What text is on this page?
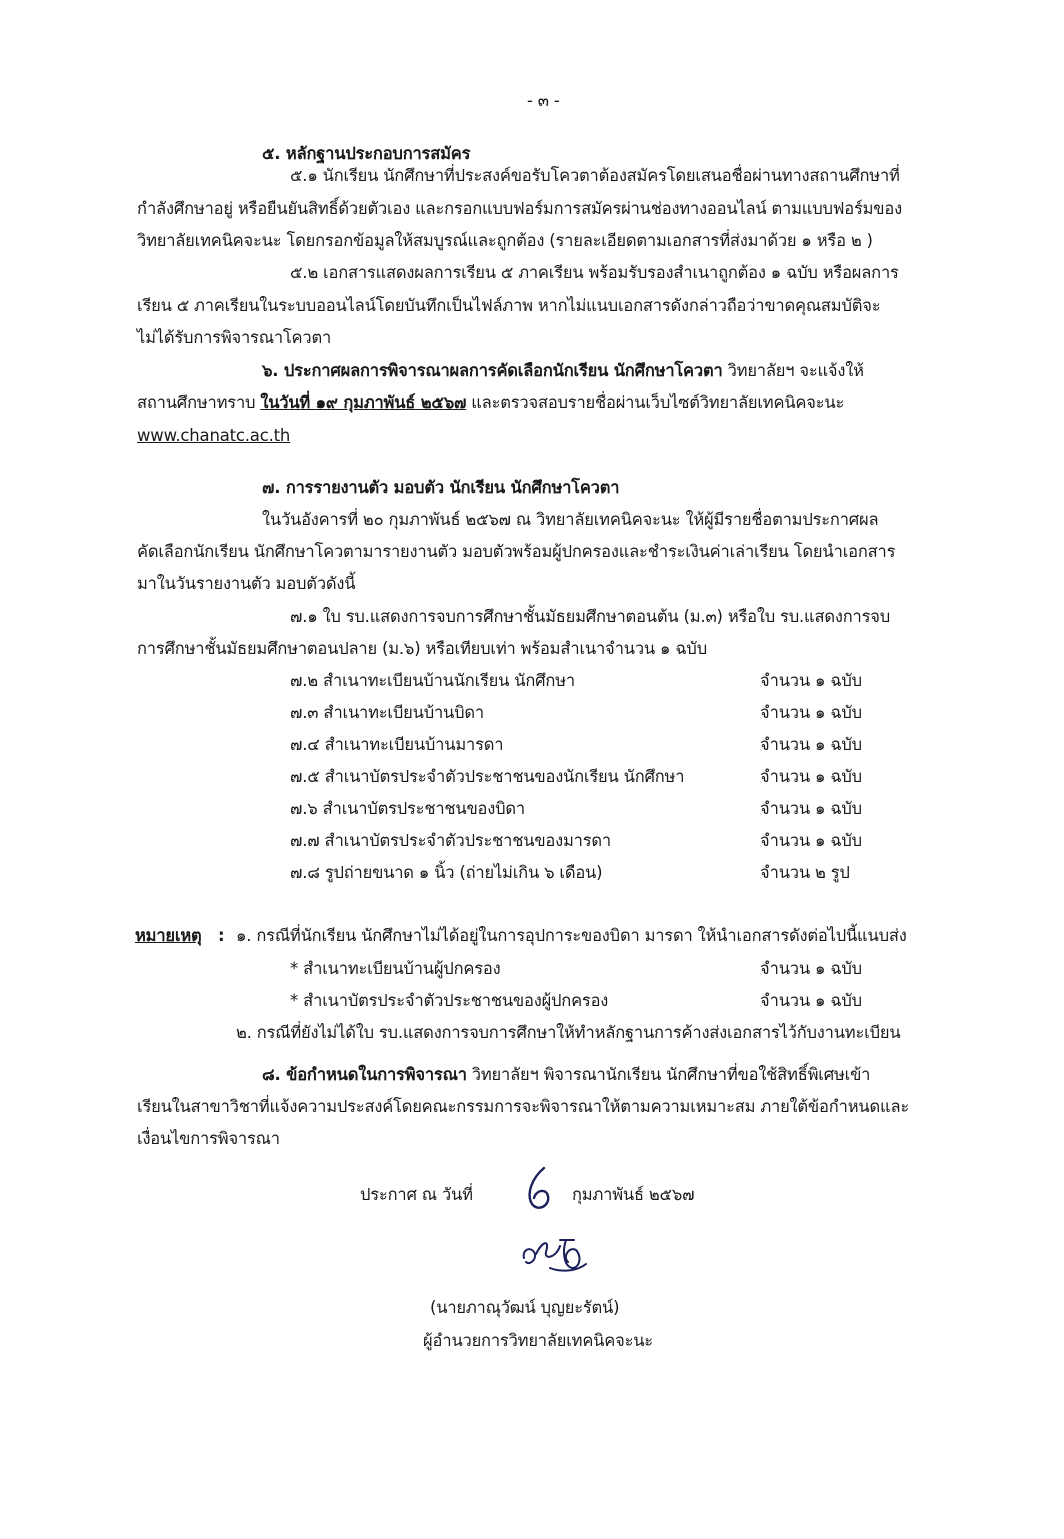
- ๓ -
๕. หลักฐานประกอบการสมัคร
๕.๑ นักเรียน นักศึกษาที่ประสงค์ขอรับโควตาต้องสมัครโดยเสนอชื่อผ่านทางสถานศึกษาที่
กำลังศึกษาอยู่ หรือยืนยันสิทธิ์ด้วยตัวเอง และกรอกแบบฟอร์มการสมัครผ่านช่องทางออนไลน์ ตามแบบฟอร์มของ
วิทยาลัยเทคนิคจะนะ โดยกรอกข้อมูลให้สมบูรณ์และถูกต้อง (รายละเอียดตามเอกสารที่ส่งมาด้วย ๑ หรือ ๒ )
๕.๒ เอกสารแสดงผลการเรียน ๕ ภาคเรียน พร้อมรับรองสำเนาถูกต้อง ๑ ฉบับ หรือผลการ
เรียน ๕ ภาคเรียนในระบบออนไลน์โดยบันทึกเป็นไฟล์ภาพ หากไม่แนบเอกสารดังกล่าวถือว่าขาดคุณสมบัติจะ
ไม่ได้รับการพิจารณาโควตา
๖. ประกาศผลการพิจารณาผลการคัดเลือกนักเรียน นักศึกษาโควตา วิทยาลัยฯ จะแจ้งให้
สถานศึกษาทราบ ในวันที่ ๑๙ กุมภาพันธ์ ๒๕๖๗ และตรวจสอบรายชื่อผ่านเว็บไซต์วิทยาลัยเทคนิคจะนะ
www.chanatc.ac.th
๗. การรายงานตัว มอบตัว นักเรียน นักศึกษาโควตา
ในวันอังคารที่ ๒๐ กุมภาพันธ์ ๒๕๖๗ ณ วิทยาลัยเทคนิคจะนะ ให้ผู้มีรายชื่อตามประกาศผล
คัดเลือกนักเรียน นักศึกษาโควตามารายงานตัว มอบตัวพร้อมผู้ปกครองและชำระเงินค่าเล่าเรียน โดยนำเอกสาร
มาในวันรายงานตัว มอบตัวดังนี้
๗.๑ ใบ รบ.แสดงการจบการศึกษาชั้นมัธยมศึกษาตอนต้น (ม.๓) หรือใบ รบ.แสดงการจบ
การศึกษาชั้นมัธยมศึกษาตอนปลาย (ม.๖) หรือเทียบเท่า พร้อมสำเนาจำนวน ๑ ฉบับ
๗.๒ สำเนาทะเบียนบ้านนักเรียน นักศึกษา	จำนวน ๑ ฉบับ
๗.๓ สำเนาทะเบียนบ้านบิดา	จำนวน ๑ ฉบับ
๗.๔ สำเนาทะเบียนบ้านมารดา	จำนวน ๑ ฉบับ
๗.๕ สำเนาบัตรประจำตัวประชาชนของนักเรียน นักศึกษา	จำนวน ๑ ฉบับ
๗.๖ สำเนาบัตรประชาชนของบิดา	จำนวน ๑ ฉบับ
๗.๗ สำเนาบัตรประจำตัวประชาชนของมารดา	จำนวน ๑ ฉบับ
๗.๘ รูปถ่ายขนาด ๑ นิ้ว (ถ่ายไม่เกิน ๖ เดือน)	จำนวน ๒ รูป
หมายเหตุ : ๑. กรณีที่นักเรียน นักศึกษาไม่ได้อยู่ในการอุปการะของบิดา มารดา ให้นำเอกสารดังต่อไปนี้แนบส่ง
* สำเนาทะเบียนบ้านผู้ปกครอง	จำนวน ๑ ฉบับ
* สำเนาบัตรประจำตัวประชาชนของผู้ปกครอง	จำนวน ๑ ฉบับ
๒. กรณีที่ยังไม่ได้ใบ รบ.แสดงการจบการศึกษาให้ทำหลักฐานการค้างส่งเอกสารไว้กับงานทะเบียน
๘. ข้อกำหนดในการพิจารณา วิทยาลัยฯ พิจารณานักเรียน นักศึกษาที่ขอใช้สิทธิ์พิเศษเข้า
เรียนในสาขาวิชาที่แจ้งความประสงค์โดยคณะกรรมการจะพิจารณาให้ตามความเหมาะสม ภายใต้ข้อกำหนดและ
เงื่อนไขการพิจารณา
ประกาศ ณ วันที่	กุมภาพันธ์ ๒๕๖๗
(นายภาณุวัฒน์ บุญยะรัตน์)
ผู้อำนวยการวิทยาลัยเทคนิคจะนะ
